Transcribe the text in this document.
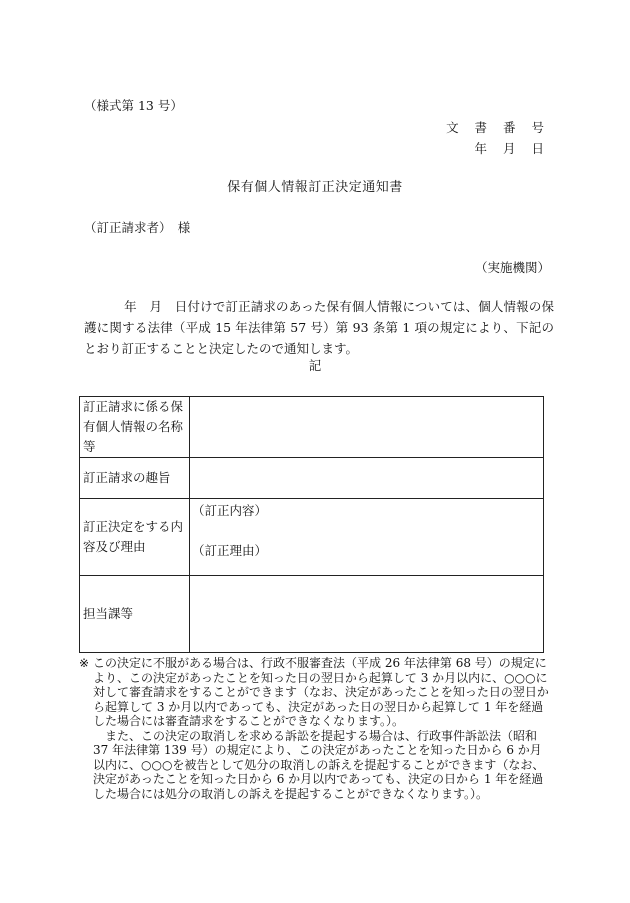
（様式第 13 号）
文 書 番 号
年 月 日
保有個人情報訂正決定通知書
（訂正請求者）　様
（実施機関）
年　月　日付けで訂正請求のあった保有個人情報については、個人情報の保護に関する法律（平成 15 年法律第 57 号）第 93 条第 1 項の規定により、下記のとおり訂正することと決定したので通知します。
記
訂正請求に係る保有個人情報の名称等	
訂正請求の趣旨	
訂正決定をする内容及び理由	（訂正内容）
（訂正理由）

担当課等	
※ この決定に不服がある場合は、行政不服審査法（平成 26 年法律第 68 号）の規定により、この決定があったことを知った日の翌日から起算して 3 か月以内に、○○○に対して審査請求をすることができます（なお、決定があったことを知った日の翌日から起算して 3 か月以内であっても、決定があった日の翌日から起算して 1 年を経過した場合には審査請求をすることができなくなります。）。

また、この決定の取消しを求める訴訟を提起する場合は、行政事件訴訟法（昭和 37 年法律第 139 号）の規定により、この決定があったことを知った日から 6 か月以内に、○○○を被告として処分の取消しの訴えを提起することができます（なお、決定があったことを知った日から 6 か月以内であっても、決定の日から 1 年を経過した場合には処分の取消しの訴えを提起することができなくなります。）。
